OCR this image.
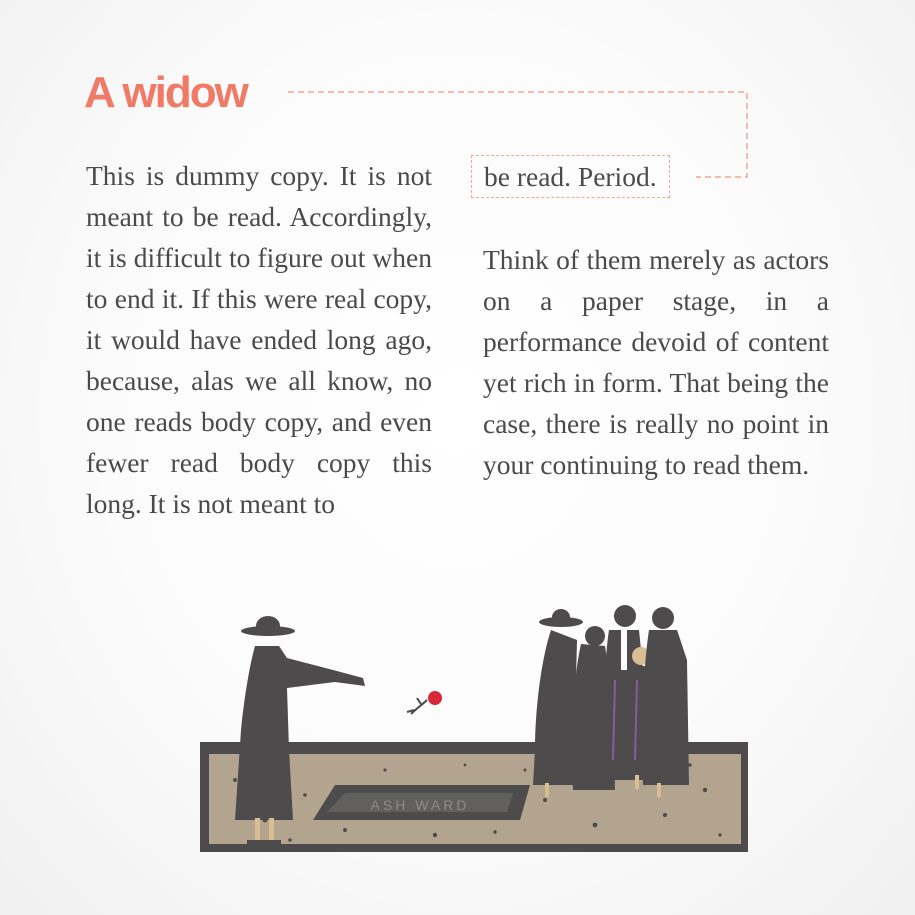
A widow

This is dummy copy. It is not meant to be read. Accordingly, it is difficult to figure out when to end it. If this were real copy, it would have ended long ago, because, alas we all know, no one reads body copy, and even fewer read body copy this long. It is not meant to

be read. Period.
Think of them merely as actors on a paper stage, in a performance devoid of content yet rich in form. That being the case, there is really no point in your continuing to read them.
ASH WARD
